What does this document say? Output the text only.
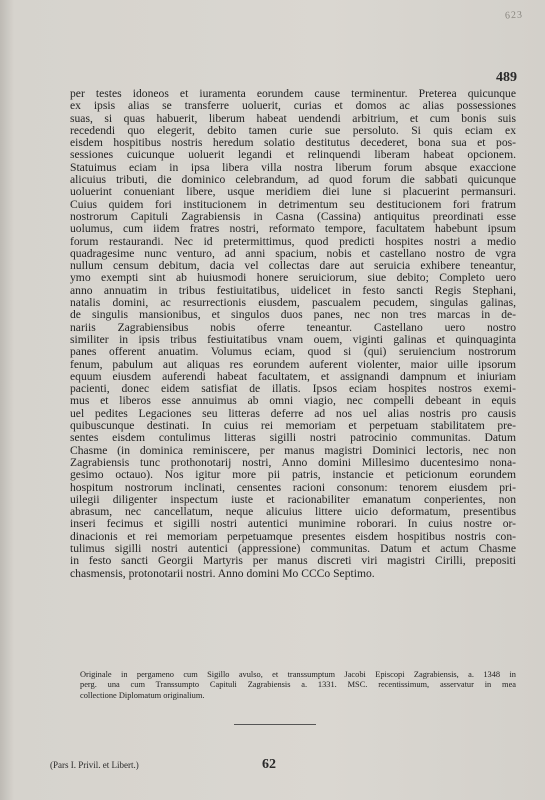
623
489
per testes idoneos et iuramenta eorundem cause terminentur. Preterea quicunque
ex ipsis alias se transferre uoluerit, curias et domos ac alias possessiones
suas, si quas habuerit, liberum habeat uendendi arbitrium, et cum bonis suis
recedendi quo elegerit, debito tamen curie sue persoluto. Si quis eciam ex
eisdem hospitibus nostris heredum solatio destitutus decederet, bona sua et pos-
sessiones cuicunque uoluerit legandi et relinquendi liberam habeat opcionem.
Statuimus eciam in ipsa libera villa nostra liberum forum absque exaccione
alicuius tributi, die dominico celebrandum, ad quod forum die sabbati quicunque
uoluerint conueniant libere, usque meridiem diei lune si placuerint permansuri.
Cuius quidem fori institucionem in detrimentum seu destitucionem fori fratrum
nostrorum Capituli Zagrabiensis in Casna (Cassina) antiquitus preordinati esse
uolumus, cum iidem fratres nostri, reformato tempore, facultatem habebunt ipsum
forum restaurandi. Nec id pretermittimus, quod predicti hospites nostri a medio
quadragesime nunc venturo, ad anni spacium, nobis et castellano nostro de vgra
nullum censum debitum, dacia vel collectas dare aut seruicia exhibere teneantur,
ymo exempti sint ab huiusmodi honere seruiciorum, siue debito; Completo uero
anno annuatim in tribus festiuitatibus, uidelicet in festo sancti Regis Stephani,
natalis domini, ac resurrectionis eiusdem, pascualem pecudem, singulas galinas,
de singulis mansionibus, et singulos duos panes, nec non tres marcas in de-
nariis Zagrabiensibus nobis oferre teneantur. Castellano uero nostro
similiter in ipsis tribus festiuitatibus vnam ouem, viginti galinas et quinquaginta
panes offerent anuatim. Volumus eciam, quod si (qui) seruiencium nostrorum
fenum, pabulum aut aliquas res eorundem auferent violenter, maior uille ipsorum
equum eiusdem auferendi habeat facultatem, et assignandi dampnum et iniuriam
pacienti, donec eidem satisfiat de illatis. Ipsos eciam hospites nostros exemi-
mus et liberos esse annuimus ab omni viagio, nec compelli debeant in equis
uel pedites Legaciones seu litteras deferre ad nos uel alias nostris pro causis
quibuscunque destinati. In cuius rei memoriam et perpetuam stabilitatem pre-
sentes eisdem contulimus litteras sigilli nostri patrocinio communitas. Datum
Chasme (in dominica reminiscere, per manus magistri Dominici lectoris, nec non
Zagrabiensis tunc prothonotarij nostri, Anno domini Millesimo ducentesimo nona-
gesimo octauo). Nos igitur more pii patris, instancie et peticionum eorundem
hospitum nostrorum inclinati, censentes racioni consonum: tenorem eiusdem pri-
uilegii diligenter inspectum iuste et racionabiliter emanatum conperientes, non
abrasum, nec cancellatum, neque alicuius littere uicio deformatum, presentibus
inseri fecimus et sigilli nostri autentici munimine roborari. In cuius nostre or-
dinacionis et rei memoriam perpetuamque presentes eisdem hospitibus nostris con-
tulimus sigilli nostri autentici (appressione) communitas. Datum et actum Chasme
in festo sancti Georgii Martyris per manus discreti viri magistri Cirilli, prepositi
chasmensis, protonotarii nostri. Anno domini Mo CCCo Septimo.
Originale in pergameno cum Sigillo avulso, et transsumptum Jacobi Episcopi Zagrabiensis, a. 1348 in
perg. una cum Transsumpto Capituli Zagrabiensis a. 1331. MSC. recentissimum, asservatur in mea
collectione Diplomatum originalium.
(Pars I. Privil. et Libert.)	62
